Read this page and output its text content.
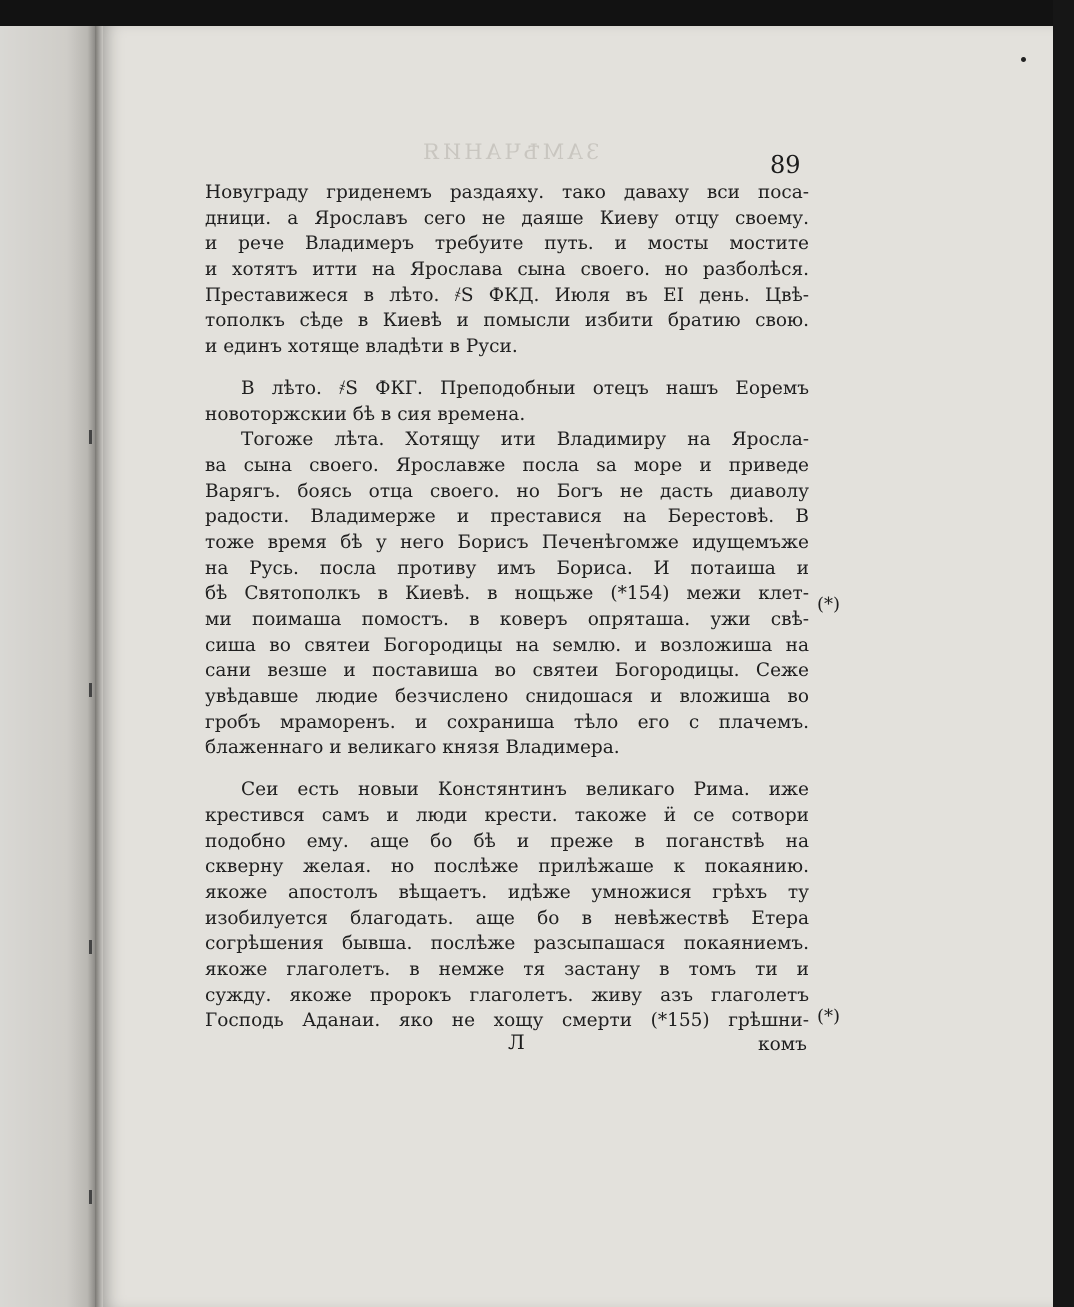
ЗАМѢЧАНИЯ	89
Новуграду гриденемъ раздаяху. тако даваху вси поса-
дници. а Ярославъ сего не даяше Киеву отцу своему.
и рече Владимеръ требуите путь. и мосты мостите
и хотятъ итти на Ярослава сына своего. но разболѣся.
Преставижеся в лѣто. ҂Ѕ ФКД. Июля въ ЕІ день. Цвѣ-
тополкъ сѣде в Киевѣ и помысли избити братию свою.
и единъ хотяще владѣти в Руси.
В лѣто. ҂Ѕ ФКГ. Преподобныи отецъ нашъ Еоремъ
новоторжскии бѣ в сия времена.
Тогоже лѣта. Хотящу ити Владимиру на Яросла-
ва сына своего. Ярославже посла ѕа море и приведе
Варягъ. боясь отца своего. но Богъ не дасть диаволу
радости. Владимерже и преставися на Берестовѣ. В
тоже время бѣ у него Борисъ Печенѣгомже идущемъже
на Русь. посла противу имъ Бориса. И потаиша и
бѣ Святополкъ в Киевѣ. в нощьже (*154) межи клет-
ми поимаша помостъ. в коверъ опряташа. ужи свѣ-
сиша во святеи Богородицы на ѕемлю. и возложиша на
сани везше и поставиша во святеи Богородицы. Сеже
увѣдавше людие безчислено снидошася и вложиша во
гробъ мраморенъ. и сохраниша тѣло его с плачемъ.
блаженнаго и великаго князя Владимера.
Сеи есть новыи Констянтинъ великаго Рима. иже
крестився самъ и люди крести. такоже ӥ се сотвори
подобно ему. аще бо бѣ и преже в поганствѣ на
скверну желая. но послѣже прилѣжаше к покаянию.
якоже апостолъ вѣщаетъ. идѣже умножися грѣхъ ту
изобилуется благодать. аще бо в невѣжествѣ Етера
согрѣшения бывша. послѣже разсыпашася покаяниемъ.
якоже глаголетъ. в немже тя застану в томъ ти и
сужду. якоже пророкъ глаголетъ. живу азъ глаголетъ
Господь Аданаи. яко не хощу смерти (*155) грѣшни-
(*)
(*)
Л	комъ
